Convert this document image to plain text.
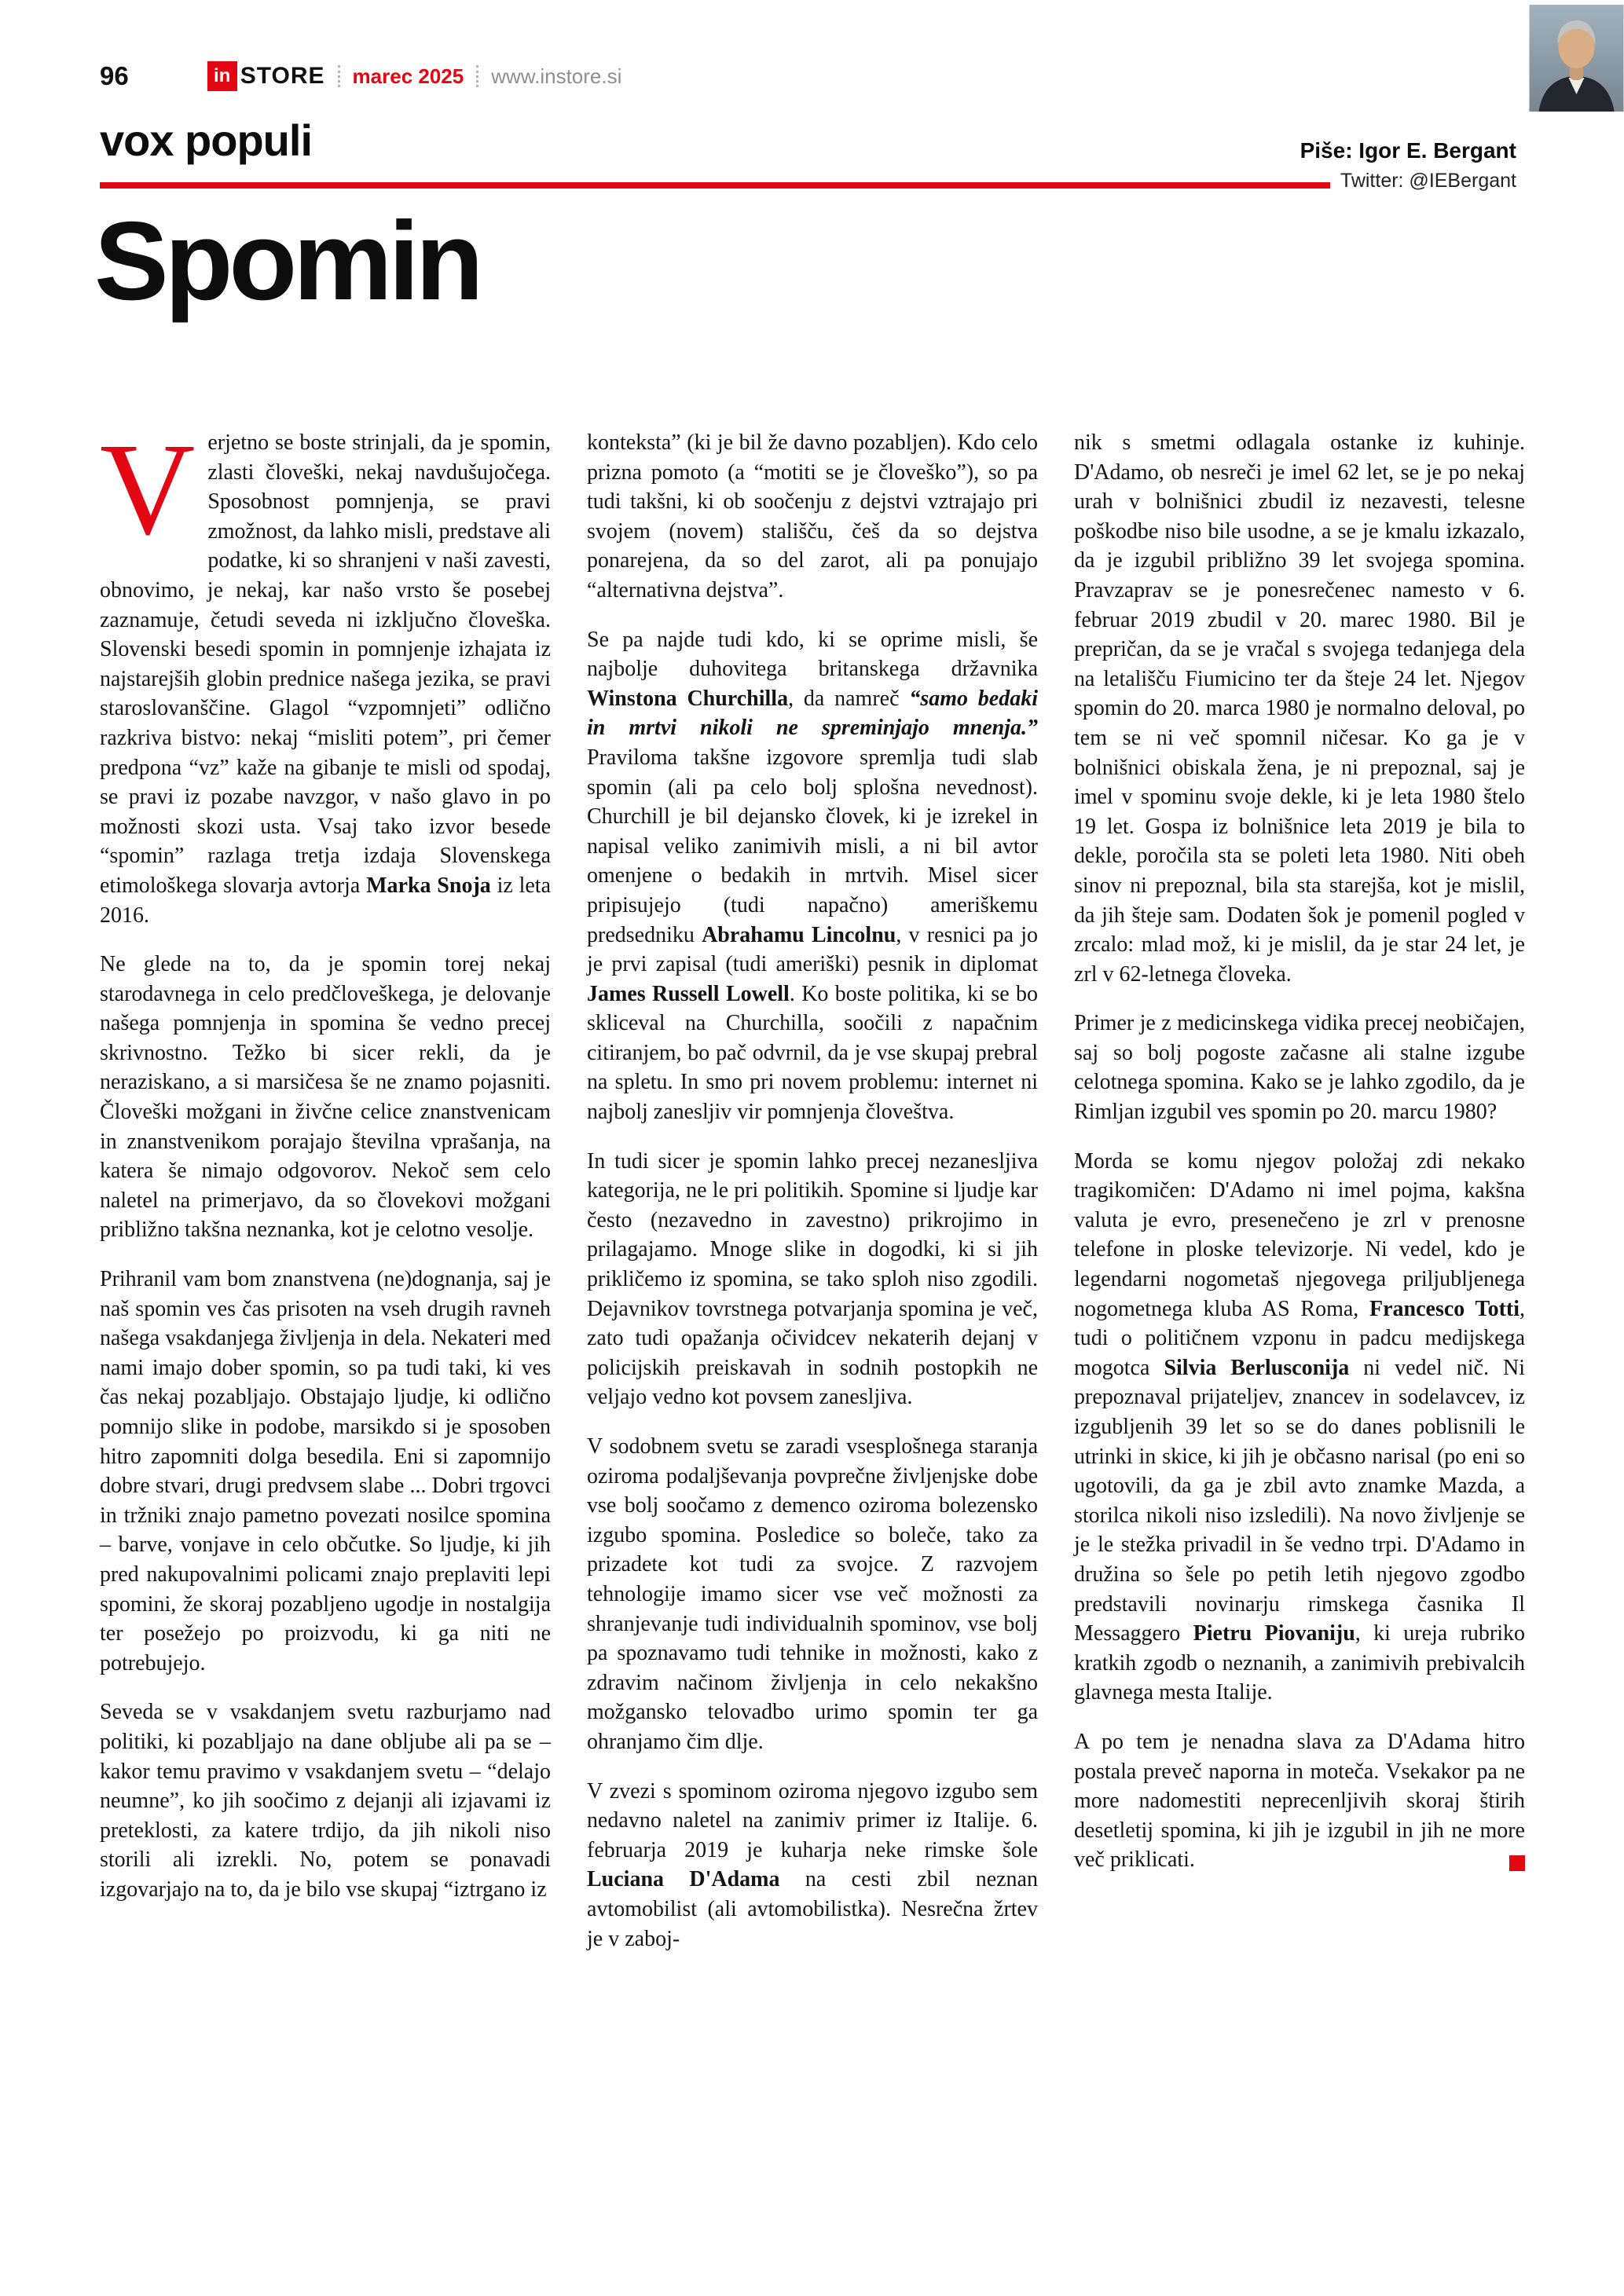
96	in STORE marec 2025 www.instore.si
vox populi	Piše: Igor E. Bergant
Twitter: @IEBergant
Spomin

Verjetno se boste strinjali, da je spomin, zlasti človeški, nekaj navdušujočega. Sposobnost pomnjenja, se pravi zmožnost, da lahko misli, predstave ali podatke, ki so shranjeni v naši zavesti, obnovimo, je nekaj, kar našo vrsto še posebej zaznamuje, četudi seveda ni izključno človeška. Slovenski besedi spomin in pomnjenje izhajata iz najstarejših globin prednice našega jezika, se pravi staroslovanščine. Glagol “vzpomnjeti” odlično razkriva bistvo: nekaj “misliti potem”, pri čemer predpona “vz” kaže na gibanje te misli od spodaj, se pravi iz pozabe navzgor, v našo glavo in po možnosti skozi usta. Vsaj tako izvor besede “spomin” razlaga tretja izdaja Slovenskega etimološkega slovarja avtorja Marka Snoja iz leta 2016.

Ne glede na to, da je spomin torej nekaj starodavnega in celo predčloveškega, je delovanje našega pomnjenja in spomina še vedno precej skrivnostno. Težko bi sicer rekli, da je neraziskano, a si marsičesa še ne znamo pojasniti. Človeški možgani in živčne celice znanstvenicam in znanstvenikom porajajo številna vprašanja, na katera še nimajo odgovorov. Nekoč sem celo naletel na primerjavo, da so človekovi možgani približno takšna neznanka, kot je celotno vesolje.

Prihranil vam bom znanstvena (ne)dognanja, saj je naš spomin ves čas prisoten na vseh drugih ravneh našega vsakdanjega življenja in dela. Nekateri med nami imajo dober spomin, so pa tudi taki, ki ves čas nekaj pozabljajo. Obstajajo ljudje, ki odlično pomnijo slike in podobe, marsikdo si je sposoben hitro zapomniti dolga besedila. Eni si zapomnijo dobre stvari, drugi predvsem slabe ... Dobri trgovci in tržniki znajo pametno povezati nosilce spomina – barve, vonjave in celo občutke. So ljudje, ki jih pred nakupovalnimi policami znajo preplaviti lepi spomini, že skoraj pozabljeno ugodje in nostalgija ter posežejo po proizvodu, ki ga niti ne potrebujejo.

Seveda se v vsakdanjem svetu razburjamo nad politiki, ki pozabljajo na dane obljube ali pa se – kakor temu pravimo v vsakdanjem svetu – “delajo neumne”, ko jih soočimo z dejanji ali izjavami iz preteklosti, za katere trdijo, da jih nikoli niso storili ali izrekli. No, potem se ponavadi izgovarjajo na to, da je bilo vse skupaj “iztrgano iz

konteksta” (ki je bil že davno pozabljen). Kdo celo prizna pomoto (a “motiti se je človeško”), so pa tudi takšni, ki ob soočenju z dejstvi vztrajajo pri svojem (novem) stališču, češ da so dejstva ponarejena, da so del zarot, ali pa ponujajo “alternativna dejstva”.

Se pa najde tudi kdo, ki se oprime misli, še najbolje duhovitega britanskega državnika Winstona Churchilla, da namreč “samo bedaki in mrtvi nikoli ne spreminjajo mnenja.” Praviloma takšne izgovore spremlja tudi slab spomin (ali pa celo bolj splošna nevednost). Churchill je bil dejansko človek, ki je izrekel in napisal veliko zanimivih misli, a ni bil avtor omenjene o bedakih in mrtvih. Misel sicer pripisujejo (tudi napačno) ameriškemu predsedniku Abrahamu Lincolnu, v resnici pa jo je prvi zapisal (tudi ameriški) pesnik in diplomat James Russell Lowell. Ko boste politika, ki se bo skliceval na Churchilla, soočili z napačnim citiranjem, bo pač odvrnil, da je vse skupaj prebral na spletu. In smo pri novem problemu: internet ni najbolj zanesljiv vir pomnjenja človeštva.

In tudi sicer je spomin lahko precej nezanesljiva kategorija, ne le pri politikih. Spomine si ljudje kar često (nezavedno in zavestno) prikrojimo in prilagajamo. Mnoge slike in dogodki, ki si jih prikličemo iz spomina, se tako sploh niso zgodili. Dejavnikov tovrstnega potvarjanja spomina je več, zato tudi opažanja očividcev nekaterih dejanj v policijskih preiskavah in sodnih postopkih ne veljajo vedno kot povsem zanesljiva.

V sodobnem svetu se zaradi vsesplošnega staranja oziroma podaljševanja povprečne življenjske dobe vse bolj soočamo z demenco oziroma bolezensko izgubo spomina. Posledice so boleče, tako za prizadete kot tudi za svojce. Z razvojem tehnologije imamo sicer vse več možnosti za shranjevanje tudi individualnih spominov, vse bolj pa spoznavamo tudi tehnike in možnosti, kako z zdravim načinom življenja in celo nekakšno možgansko telovadbo urimo spomin ter ga ohranjamo čim dlje.

V zvezi s spominom oziroma njegovo izgubo sem nedavno naletel na zanimiv primer iz Italije. 6. februarja 2019 je kuharja neke rimske šole Luciana D'Adama na cesti zbil neznan avtomobilist (ali avtomobilistka). Nesrečna žrtev je v zaboj-

nik s smetmi odlagala ostanke iz kuhinje. D'Adamo, ob nesreči je imel 62 let, se je po nekaj urah v bolnišnici zbudil iz nezavesti, telesne poškodbe niso bile usodne, a se je kmalu izkazalo, da je izgubil približno 39 let svojega spomina. Pravzaprav se je ponesrečenec namesto v 6. februar 2019 zbudil v 20. marec 1980. Bil je prepričan, da se je vračal s svojega tedanjega dela na letališču Fiumicino ter da šteje 24 let. Njegov spomin do 20. marca 1980 je normalno deloval, po tem se ni več spomnil ničesar. Ko ga je v bolnišnici obiskala žena, je ni prepoznal, saj je imel v spominu svoje dekle, ki je leta 1980 štelo 19 let. Gospa iz bolnišnice leta 2019 je bila to dekle, poročila sta se poleti leta 1980. Niti obeh sinov ni prepoznal, bila sta starejša, kot je mislil, da jih šteje sam. Dodaten šok je pomenil pogled v zrcalo: mlad mož, ki je mislil, da je star 24 let, je zrl v 62-letnega človeka.

Primer je z medicinskega vidika precej neobičajen, saj so bolj pogoste začasne ali stalne izgube celotnega spomina. Kako se je lahko zgodilo, da je Rimljan izgubil ves spomin po 20. marcu 1980?

Morda se komu njegov položaj zdi nekako tragikomičen: D'Adamo ni imel pojma, kakšna valuta je evro, presenečeno je zrl v prenosne telefone in ploske televizorje. Ni vedel, kdo je legendarni nogometaš njegovega priljubljenega nogometnega kluba AS Roma, Francesco Totti, tudi o političnem vzponu in padcu medijskega mogotca Silvia Berlusconija ni vedel nič. Ni prepoznaval prijateljev, znancev in sodelavcev, iz izgubljenih 39 let so se do danes poblisnili le utrinki in skice, ki jih je občasno narisal (po eni so ugotovili, da ga je zbil avto znamke Mazda, a storilca nikoli niso izsledili). Na novo življenje se je le stežka privadil in še vedno trpi. D'Adamo in družina so šele po petih letih njegovo zgodbo predstavili novinarju rimskega časnika Il Messaggero Pietru Piovaniju, ki ureja rubriko kratkih zgodb o neznanih, a zanimivih prebivalcih glavnega mesta Italije.

A po tem je nenadna slava za D'Adama hitro postala preveč naporna in moteča. Vsekakor pa ne more nadomestiti neprecenljivih skoraj štirih desetletij spomina, ki jih je izgubil in jih ne more več priklicati.
